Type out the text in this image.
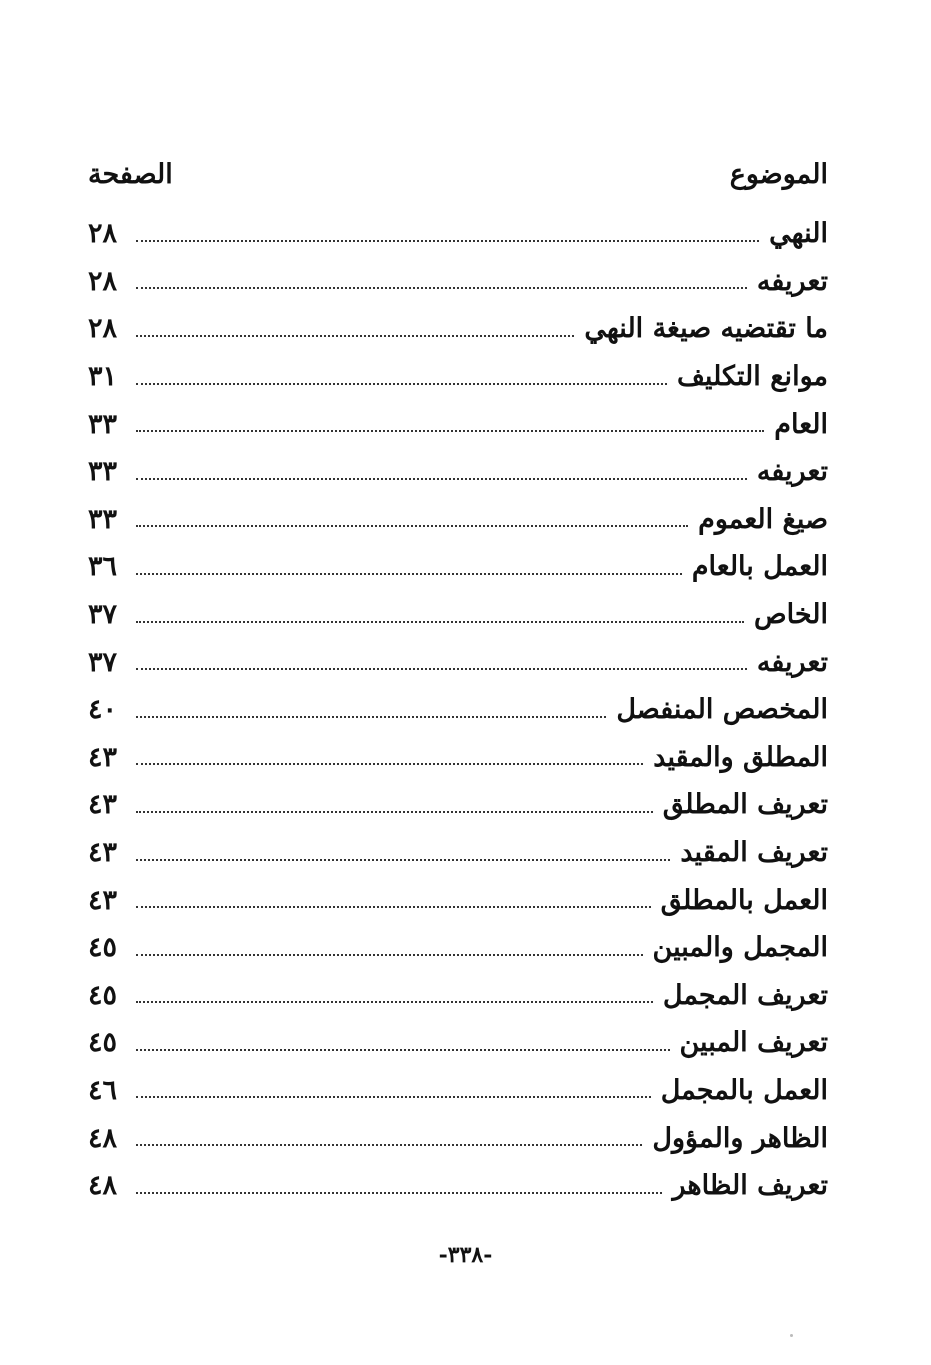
الموضوع
الصفحة
النهي
٢٨
تعريفه
٢٨
ما تقتضيه صيغة النهي
٢٨
موانع التكليف
٣١
العام
٣٣
تعريفه
٣٣
صيغ العموم
٣٣
العمل بالعام
٣٦
الخاص
٣٧
تعريفه
٣٧
المخصص المنفصل
٤٠
المطلق والمقيد
٤٣
تعريف المطلق
٤٣
تعريف المقيد
٤٣
العمل بالمطلق
٤٣
المجمل والمبين
٤٥
تعريف المجمل
٤٥
تعريف المبين
٤٥
العمل بالمجمل
٤٦
الظاهر والمؤول
٤٨
تعريف الظاهر
٤٨
-٣٣٨-
